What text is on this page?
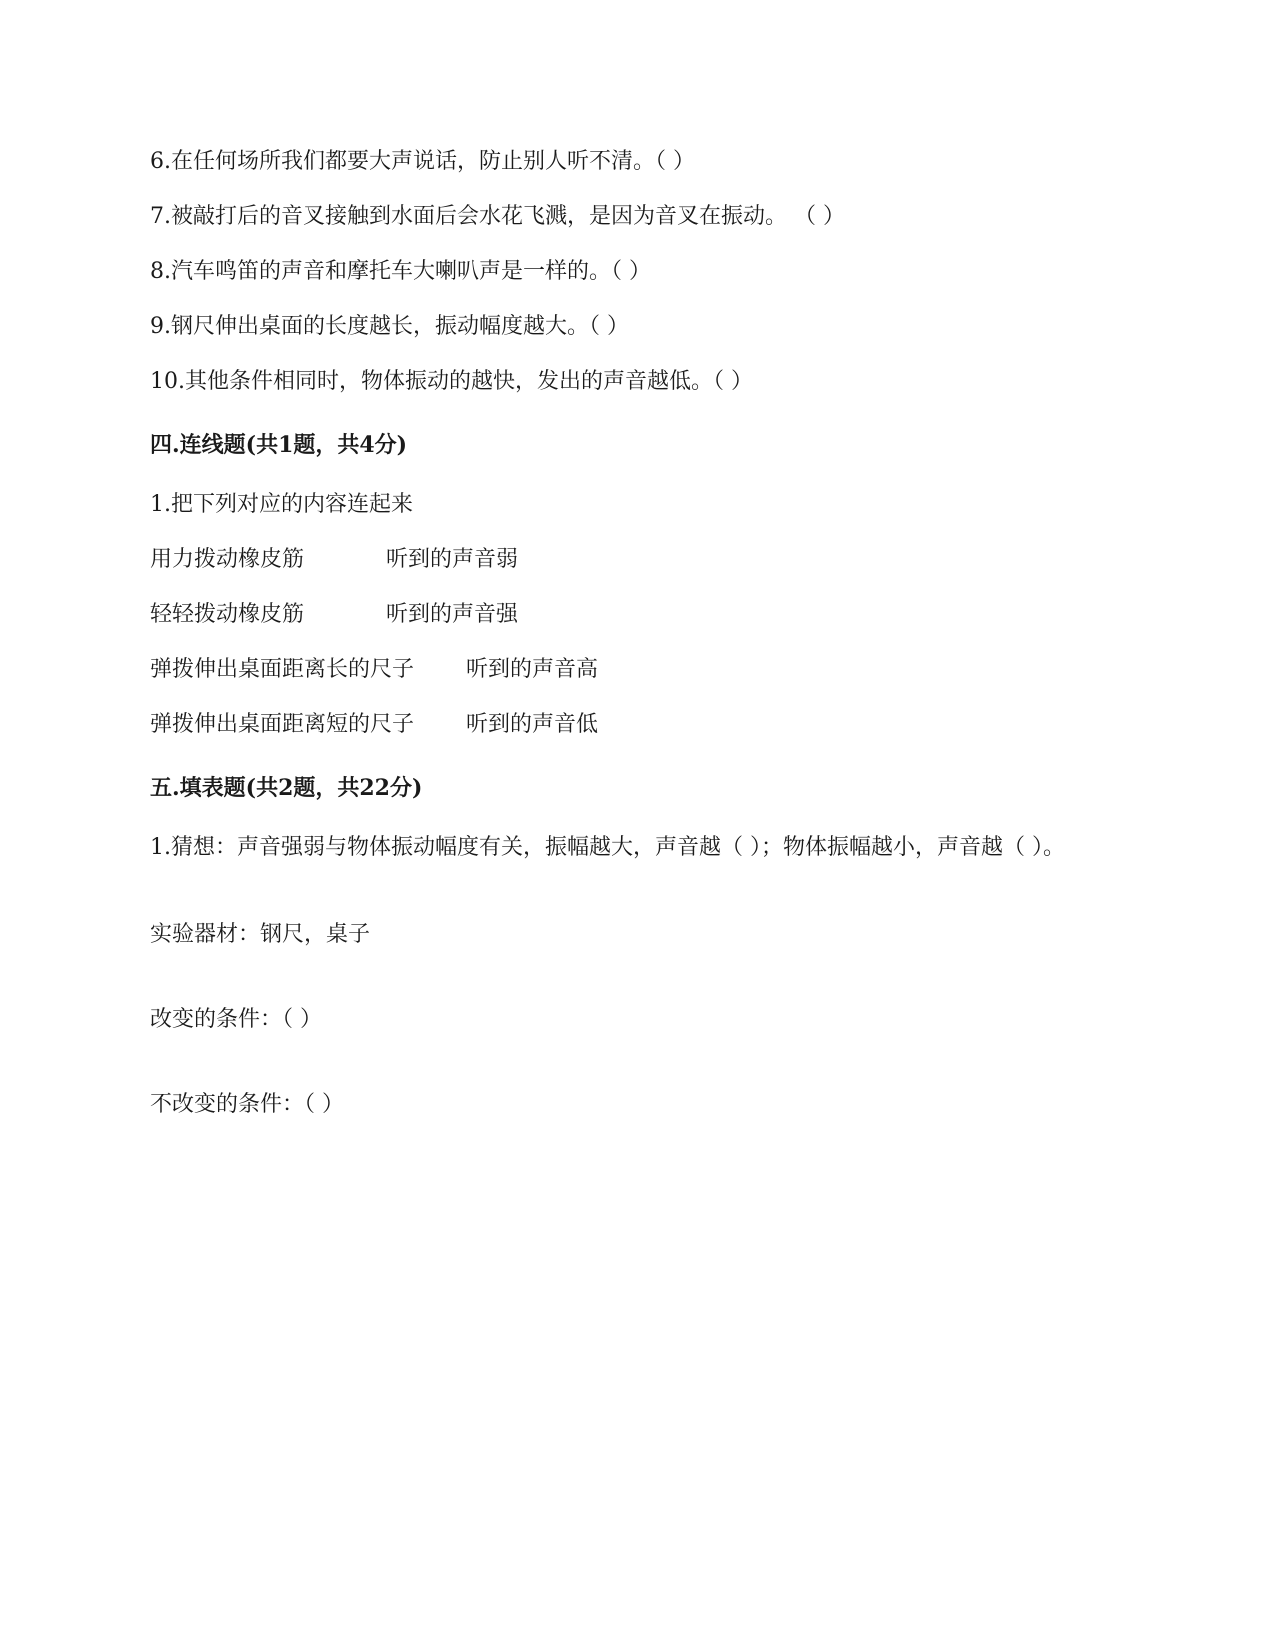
6.在任何场所我们都要大声说话，防止别人听不清。（ ）
7.被敲打后的音叉接触到水面后会水花飞溅，是因为音叉在振动。 （ ）
8.汽车鸣笛的声音和摩托车大喇叭声是一样的。（ ）
9.钢尺伸出桌面的长度越长，振动幅度越大。（ ）
10.其他条件相同时，物体振动的越快，发出的声音越低。（ ）
四.连线题(共1题，共4分)
1.把下列对应的内容连起来
用力拨动橡皮筋	听到的声音弱
轻轻拨动橡皮筋	听到的声音强
弹拨伸出桌面距离长的尺子 听到的声音高
弹拨伸出桌面距离短的尺子 听到的声音低
五.填表题(共2题，共22分)
1.猜想：声音强弱与物体振动幅度有关，振幅越大，声音越（ ）；物体振幅越小，声音越（ ）。
实验器材：钢尺，桌子
改变的条件：（ ）
不改变的条件：（ ）
